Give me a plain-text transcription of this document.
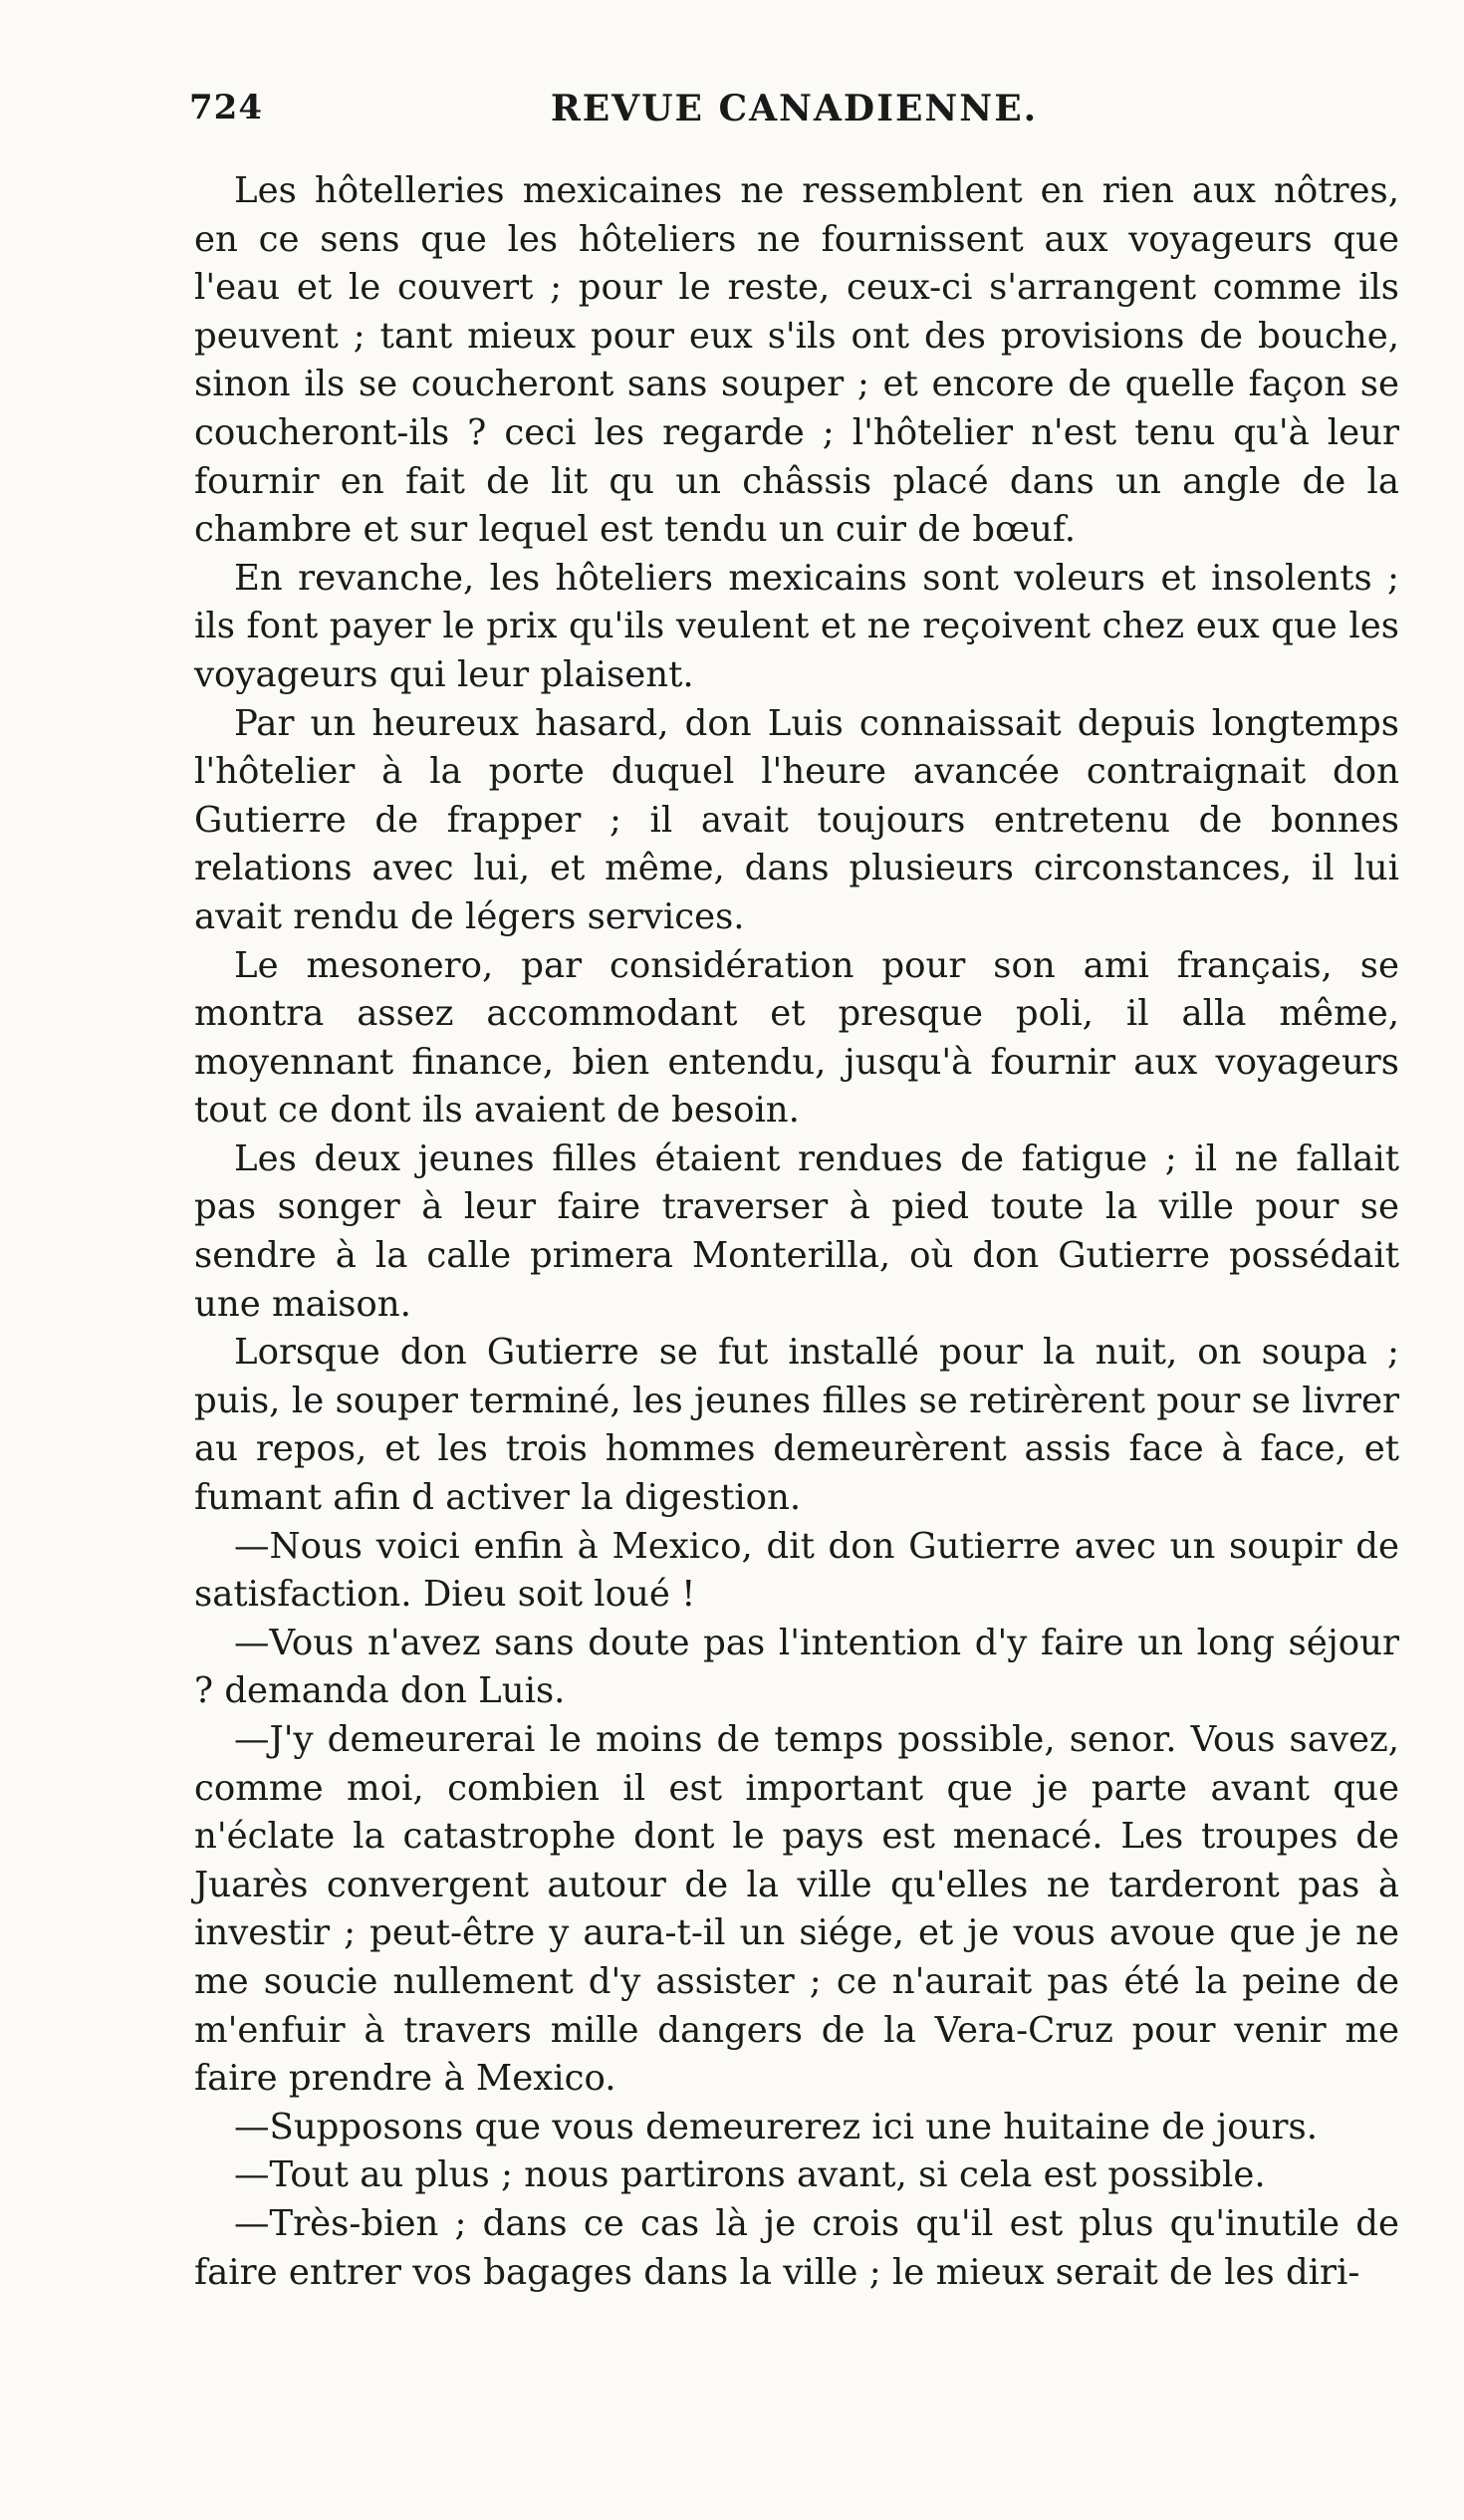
724	REVUE CANADIENNE.

Les hôtelleries mexicaines ne ressemblent en rien aux nôtres, en ce sens que les hôteliers ne fournissent aux voyageurs que l'eau et le couvert ; pour le reste, ceux-ci s'arrangent comme ils peuvent ; tant mieux pour eux s'ils ont des provisions de bouche, sinon ils se coucheront sans souper ; et encore de quelle façon se coucheront-ils ? ceci les regarde ; l'hôtelier n'est tenu qu'à leur fournir en fait de lit qu un châssis placé dans un angle de la chambre et sur lequel est tendu un cuir de bœuf.

En revanche, les hôteliers mexicains sont voleurs et insolents ; ils font payer le prix qu'ils veulent et ne reçoivent chez eux que les voyageurs qui leur plaisent.

Par un heureux hasard, don Luis connaissait depuis longtemps l'hôtelier à la porte duquel l'heure avancée contraignait don Gutierre de frapper ; il avait toujours entretenu de bonnes relations avec lui, et même, dans plusieurs circonstances, il lui avait rendu de légers services.

Le mesonero, par considération pour son ami français, se montra assez accommodant et presque poli, il alla même, moyennant finance, bien entendu, jusqu'à fournir aux voyageurs tout ce dont ils avaient de besoin.

Les deux jeunes filles étaient rendues de fatigue ; il ne fallait pas songer à leur faire traverser à pied toute la ville pour se sendre à la calle primera Monterilla, où don Gutierre possédait une maison.

Lorsque don Gutierre se fut installé pour la nuit, on soupa ; puis, le souper terminé, les jeunes filles se retirèrent pour se livrer au repos, et les trois hommes demeurèrent assis face à face, et fumant afin d activer la digestion.

—Nous voici enfin à Mexico, dit don Gutierre avec un soupir de satisfaction. Dieu soit loué !

—Vous n'avez sans doute pas l'intention d'y faire un long séjour ? demanda don Luis.

—J'y demeurerai le moins de temps possible, senor. Vous savez, comme moi, combien il est important que je parte avant que n'éclate la catastrophe dont le pays est menacé. Les troupes de Juarès convergent autour de la ville qu'elles ne tarderont pas à investir ; peut-être y aura-t-il un siége, et je vous avoue que je ne me soucie nullement d'y assister ; ce n'aurait pas été la peine de m'enfuir à travers mille dangers de la Vera-Cruz pour venir me faire prendre à Mexico.

—Supposons que vous demeurerez ici une huitaine de jours.

—Tout au plus ; nous partirons avant, si cela est possible.

—Très-bien ; dans ce cas là je crois qu'il est plus qu'inutile de faire entrer vos bagages dans la ville ; le mieux serait de les diri-
